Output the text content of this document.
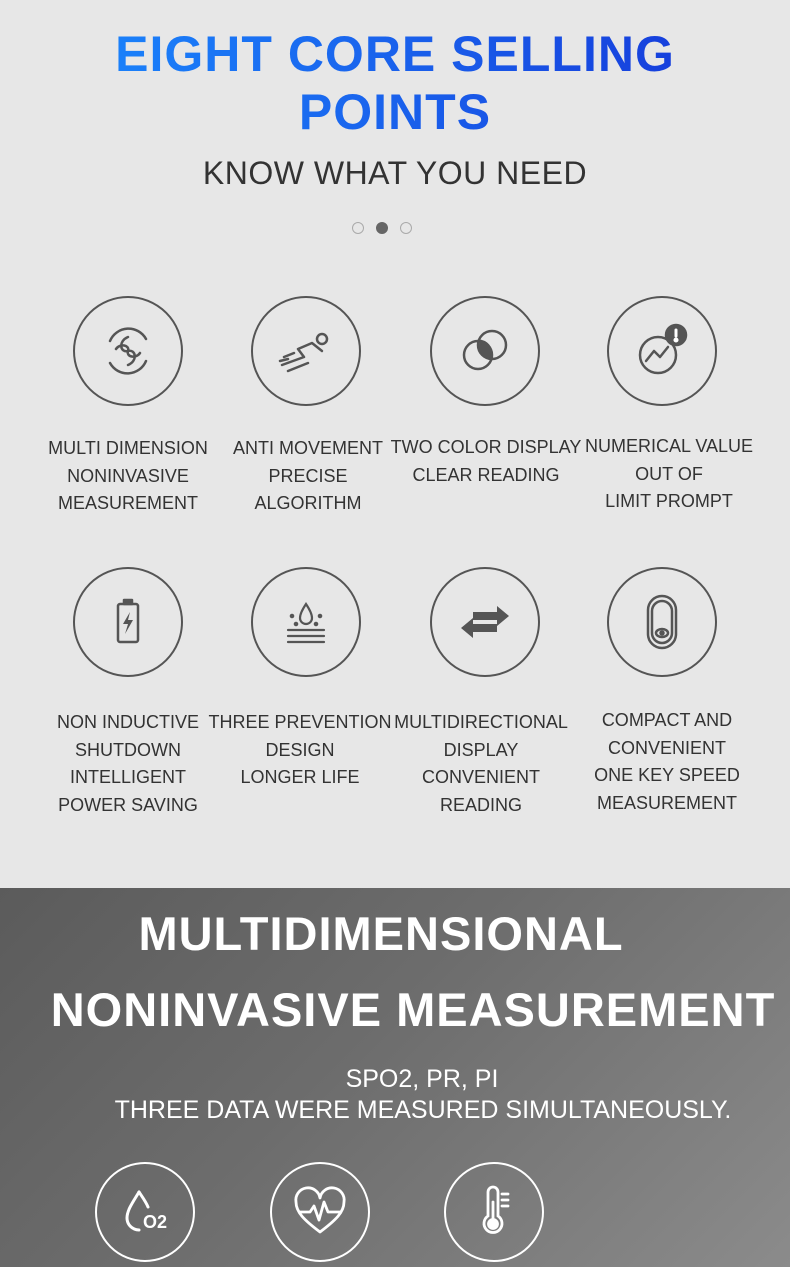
EIGHT CORE SELLING
POINTS
KNOW WHAT YOU NEED
MULTI DIMENSION
NONINVASIVE
MEASUREMENT
ANTI MOVEMENT
PRECISE
ALGORITHM
TWO COLOR DISPLAY
CLEAR READING
NUMERICAL VALUE
OUT OF
LIMIT PROMPT
NON INDUCTIVE
SHUTDOWN
INTELLIGENT
POWER SAVING
THREE PREVENTION
DESIGN
LONGER LIFE
MULTIDIRECTIONAL
DISPLAY
CONVENIENT READING
COMPACT AND
CONVENIENT
ONE KEY SPEED
MEASUREMENT
MULTIDIMENSIONAL
NONINVASIVE MEASUREMENT
SPO2, PR, PI
THREE DATA WERE MEASURED SIMULTANEOUSLY.
O2
